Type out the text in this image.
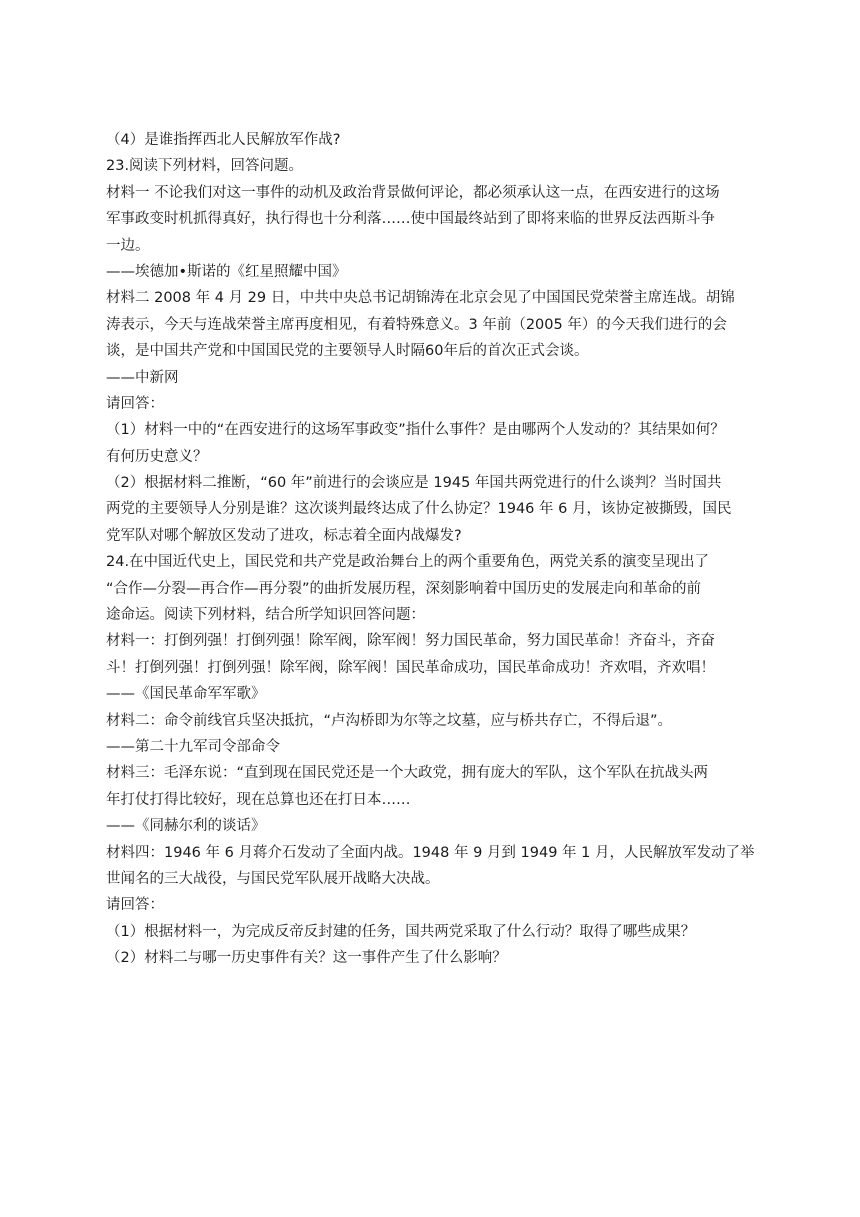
（4）是谁指挥西北人民解放军作战?

23.阅读下列材料，回答问题。

材料一 不论我们对这一事件的动机及政治背景做何评论，都必须承认这一点，在西安进行的这场

军事政变时机抓得真好，执行得也十分利落……使中国最终站到了即将来临的世界反法西斯斗争

一边。

——埃德加•斯诺的《红星照耀中国》

材料二 2008 年 4 月 29 日，中共中央总书记胡锦涛在北京会见了中国国民党荣誉主席连战。胡锦

涛表示，今天与连战荣誉主席再度相见，有着特殊意义。3 年前（2005 年）的今天我们进行的会

谈，是中国共产党和中国国民党的主要领导人时隔60年后的首次正式会谈。

——中新网

请回答：

（1）材料一中的“在西安进行的这场军事政变”指什么事件？是由哪两个人发动的？其结果如何？

有何历史意义？

（2）根据材料二推断，“60 年”前进行的会谈应是 1945 年国共两党进行的什么谈判？当时国共

两党的主要领导人分别是谁？这次谈判最终达成了什么协定？1946 年 6 月，该协定被撕毁，国民

党军队对哪个解放区发动了进攻，标志着全面内战爆发?

24.在中国近代史上，国民党和共产党是政治舞台上的两个重要角色，两党关系的演变呈现出了

“合作—分裂—再合作—再分裂”的曲折发展历程，深刻影响着中国历史的发展走向和革命的前

途命运。阅读下列材料，结合所学知识回答问题：

材料一：打倒列强！打倒列强！除军阀，除军阀！努力国民革命，努力国民革命！齐奋斗，齐奋

斗！打倒列强！打倒列强！除军阀，除军阀！国民革命成功，国民革命成功！齐欢唱，齐欢唱！

——《国民革命军军歌》

材料二：命令前线官兵坚决抵抗，“卢沟桥即为尔等之坟墓，应与桥共存亡，不得后退”。

——第二十九军司令部命令

材料三：毛泽东说：“直到现在国民党还是一个大政党，拥有庞大的军队，这个军队在抗战头两

年打仗打得比较好，现在总算也还在打日本……

——《同赫尔利的谈话》

材料四：1946 年 6 月蒋介石发动了全面内战。1948 年 9 月到 1949 年 1 月，人民解放军发动了举

世闻名的三大战役，与国民党军队展开战略大决战。

请回答：

（1）根据材料一，为完成反帝反封建的任务，国共两党采取了什么行动？取得了哪些成果？

（2）材料二与哪一历史事件有关？这一事件产生了什么影响？
